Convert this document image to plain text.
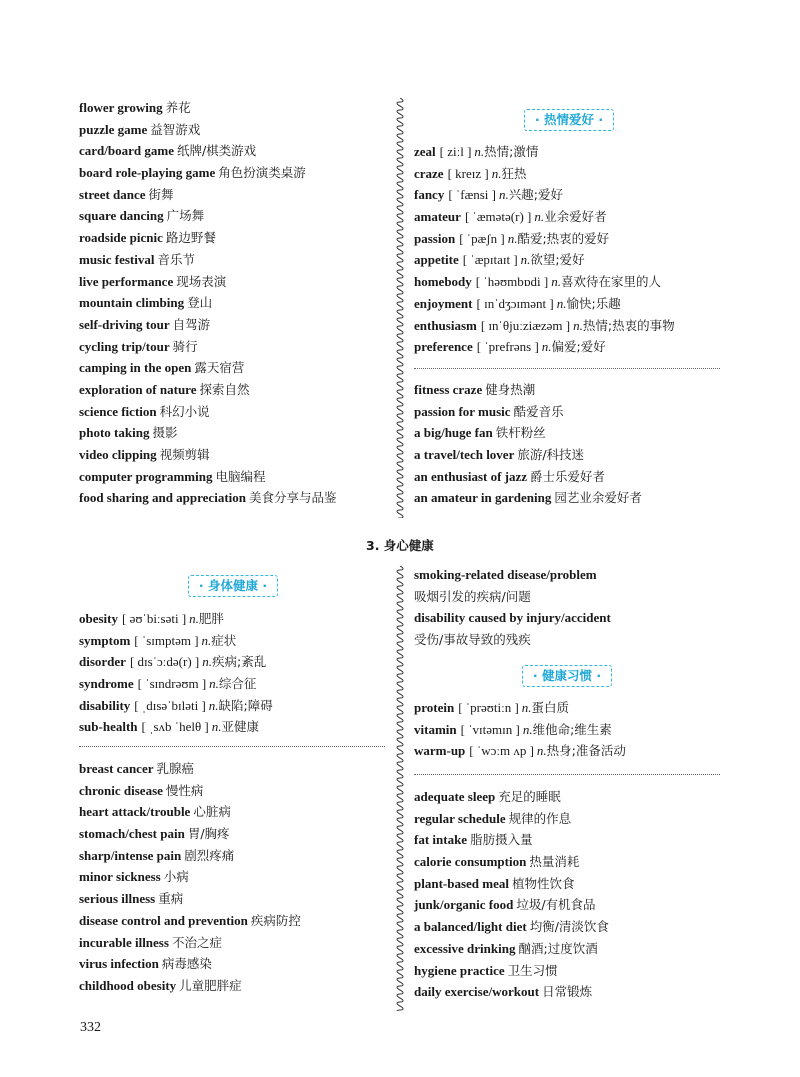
flower growing 养花
puzzle game 益智游戏
card/board game 纸牌/棋类游戏
board role-playing game 角色扮演类桌游
street dance 街舞
square dancing 广场舞
roadside picnic 路边野餐
music festival 音乐节
live performance 现场表演
mountain climbing 登山
self-driving tour 自驾游
cycling trip/tour 骑行
camping in the open 露天宿营
exploration of nature 探索自然
science fiction 科幻小说
photo taking 摄影
video clipping 视频剪辑
computer programming 电脑编程
food sharing and appreciation 美食分享与品鉴
· 热情爱好 ·
zeal [ ziːl ] n.热情;激情
craze [ kreɪz ] n.狂热
fancy [ ˈfænsi ] n.兴趣;爱好
amateur [ ˈæmətə(r) ] n.业余爱好者
passion [ ˈpæʃn ] n.酷爱;热衷的爱好
appetite [ ˈæpɪtaɪt ] n.欲望;爱好
homebody [ ˈhəʊmbɒdi ] n.喜欢待在家里的人
enjoyment [ ɪnˈdʒɔɪmənt ] n.愉快;乐趣
enthusiasm [ ɪnˈθjuːziæzəm ] n.热情;热衷的事物
preference [ ˈprefrəns ] n.偏爱;爱好
fitness craze 健身热潮
passion for music 酷爱音乐
a big/huge fan 铁杆粉丝
a travel/tech lover 旅游/科技迷
an enthusiast of jazz 爵士乐爱好者
an amateur in gardening 园艺业余爱好者
3. 身心健康
· 身体健康 ·
obesity [ əʊˈbiːsəti ] n.肥胖
symptom [ ˈsɪmptəm ] n.症状
disorder [ dɪsˈɔːdə(r) ] n.疾病;紊乱
syndrome [ ˈsɪndrəʊm ] n.综合征
disability [ ˌdɪsəˈbɪləti ] n.缺陷;障碍
sub-health [ ˌsʌb ˈhelθ ] n.亚健康
breast cancer 乳腺癌
chronic disease 慢性病
heart attack/trouble 心脏病
stomach/chest pain 胃/胸疼
sharp/intense pain 剧烈疼痛
minor sickness 小病
serious illness 重病
disease control and prevention 疾病防控
incurable illness 不治之症
virus infection 病毒感染
childhood obesity 儿童肥胖症
smoking-related disease/problem
吸烟引发的疾病/问题
disability caused by injury/accident
受伤/事故导致的残疾
· 健康习惯 ·
protein [ ˈprəʊtiːn ] n.蛋白质
vitamin [ ˈvɪtəmɪn ] n.维他命;维生素
warm-up [ ˈwɔːm ʌp ] n.热身;准备活动
adequate sleep 充足的睡眠
regular schedule 规律的作息
fat intake 脂肪摄入量
calorie consumption 热量消耗
plant-based meal 植物性饮食
junk/organic food 垃圾/有机食品
a balanced/light diet 均衡/清淡饮食
excessive drinking 酗酒;过度饮酒
hygiene practice 卫生习惯
daily exercise/workout 日常锻炼
332
